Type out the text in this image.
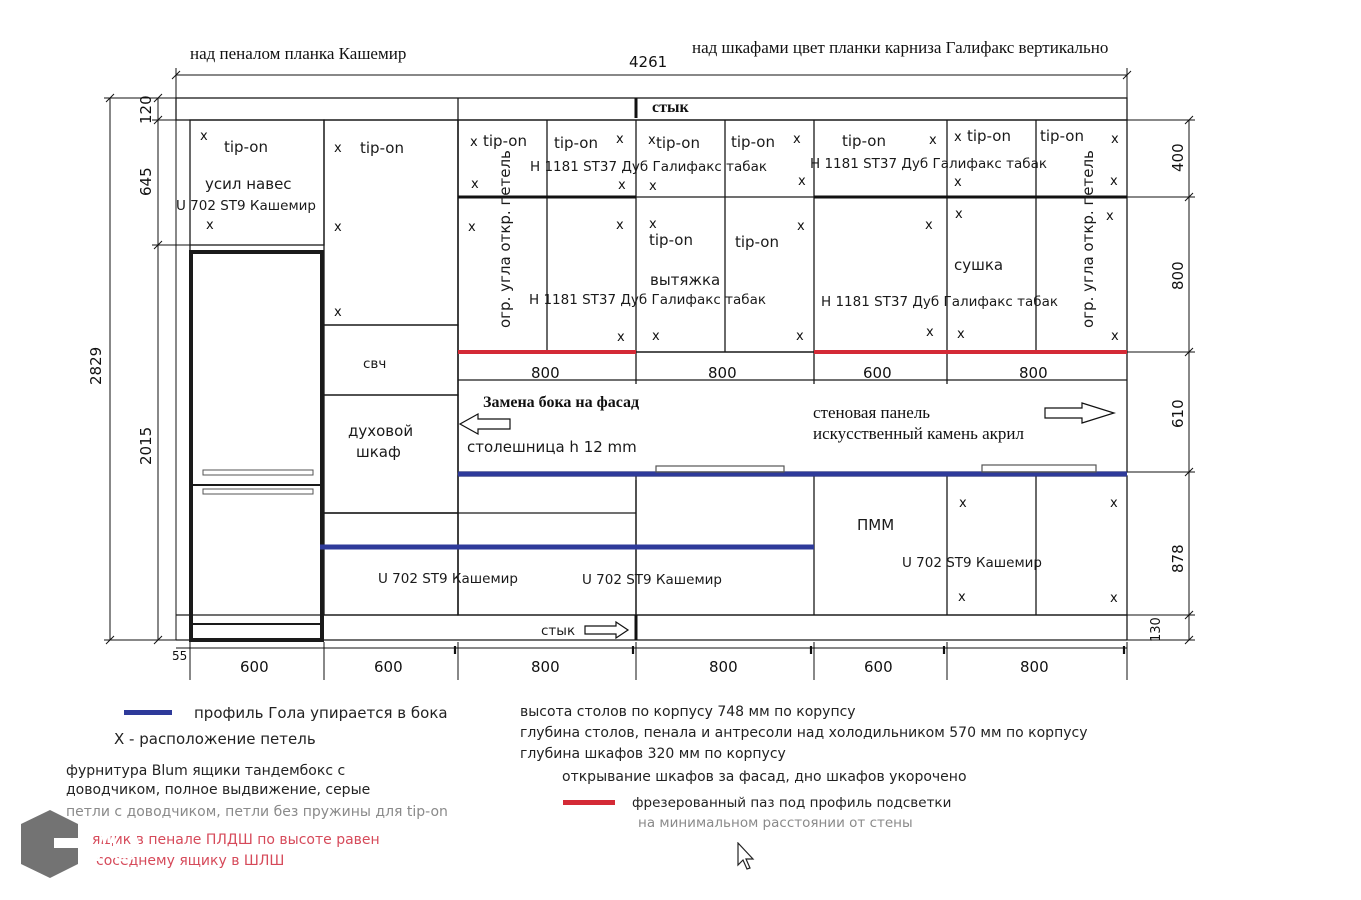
над пеналом планка Кашемир	над шкафами цвет планки карниза Галифакс вертикально
4261
2829
120
645
2015
55
400
800
610
878
130
600	600	800	800	600	800
стык
стык
tip-on
усил навес
U 702 ST9 Кашемир
tip-on
свч
духовой
шкаф
tip-on tip-on	tip-on tip-on	tip-on	tip-on tip-on
tip-on	tip-on
H 1181 ST37 Дуб Галифакс табак	H 1181 ST37 Дуб Галифакс табак
H 1181 ST37 Дуб Галифакс табак	H 1181 ST37 Дуб Галифакс табак
вытяжка
сушка
огр. угла откр. петель	огр. угла откр. петель
800	800	600	800
Замена бока на фасад
столешница h 12 mm
стеновая панель
искусственный камень акрил
ПММ
U 702 ST9 Кашемир	U 702 ST9 Кашемир
U 702 ST9 Кашемир
x
x
x
x
x
x	x x	x	x x	x
x	x x	x	x	x
x	x x	x	x
x	x
x x	x	x x	x
x	x
x	x
профиль Гола упирается в бока
Х - расположение петель
фурнитура Blum ящики тандембокс с
доводчиком, полное выдвижение, серые
петли с доводчиком, петли без пружины для tip-on
ящик в пенале ПЛДШ по высоте равен
соседнему ящику в ШЛШ
высота столов по корпусу 748 мм по корупсу
глубина столов, пенала и антресоли над холодильником 570 мм по корпусу
глубина шкафов 320 мм по корпусу
открывание шкафов за фасад, дно шкафов укорочено
фрезерованный паз под профиль подсветки
на минимальном расстоянии от стены
VO
